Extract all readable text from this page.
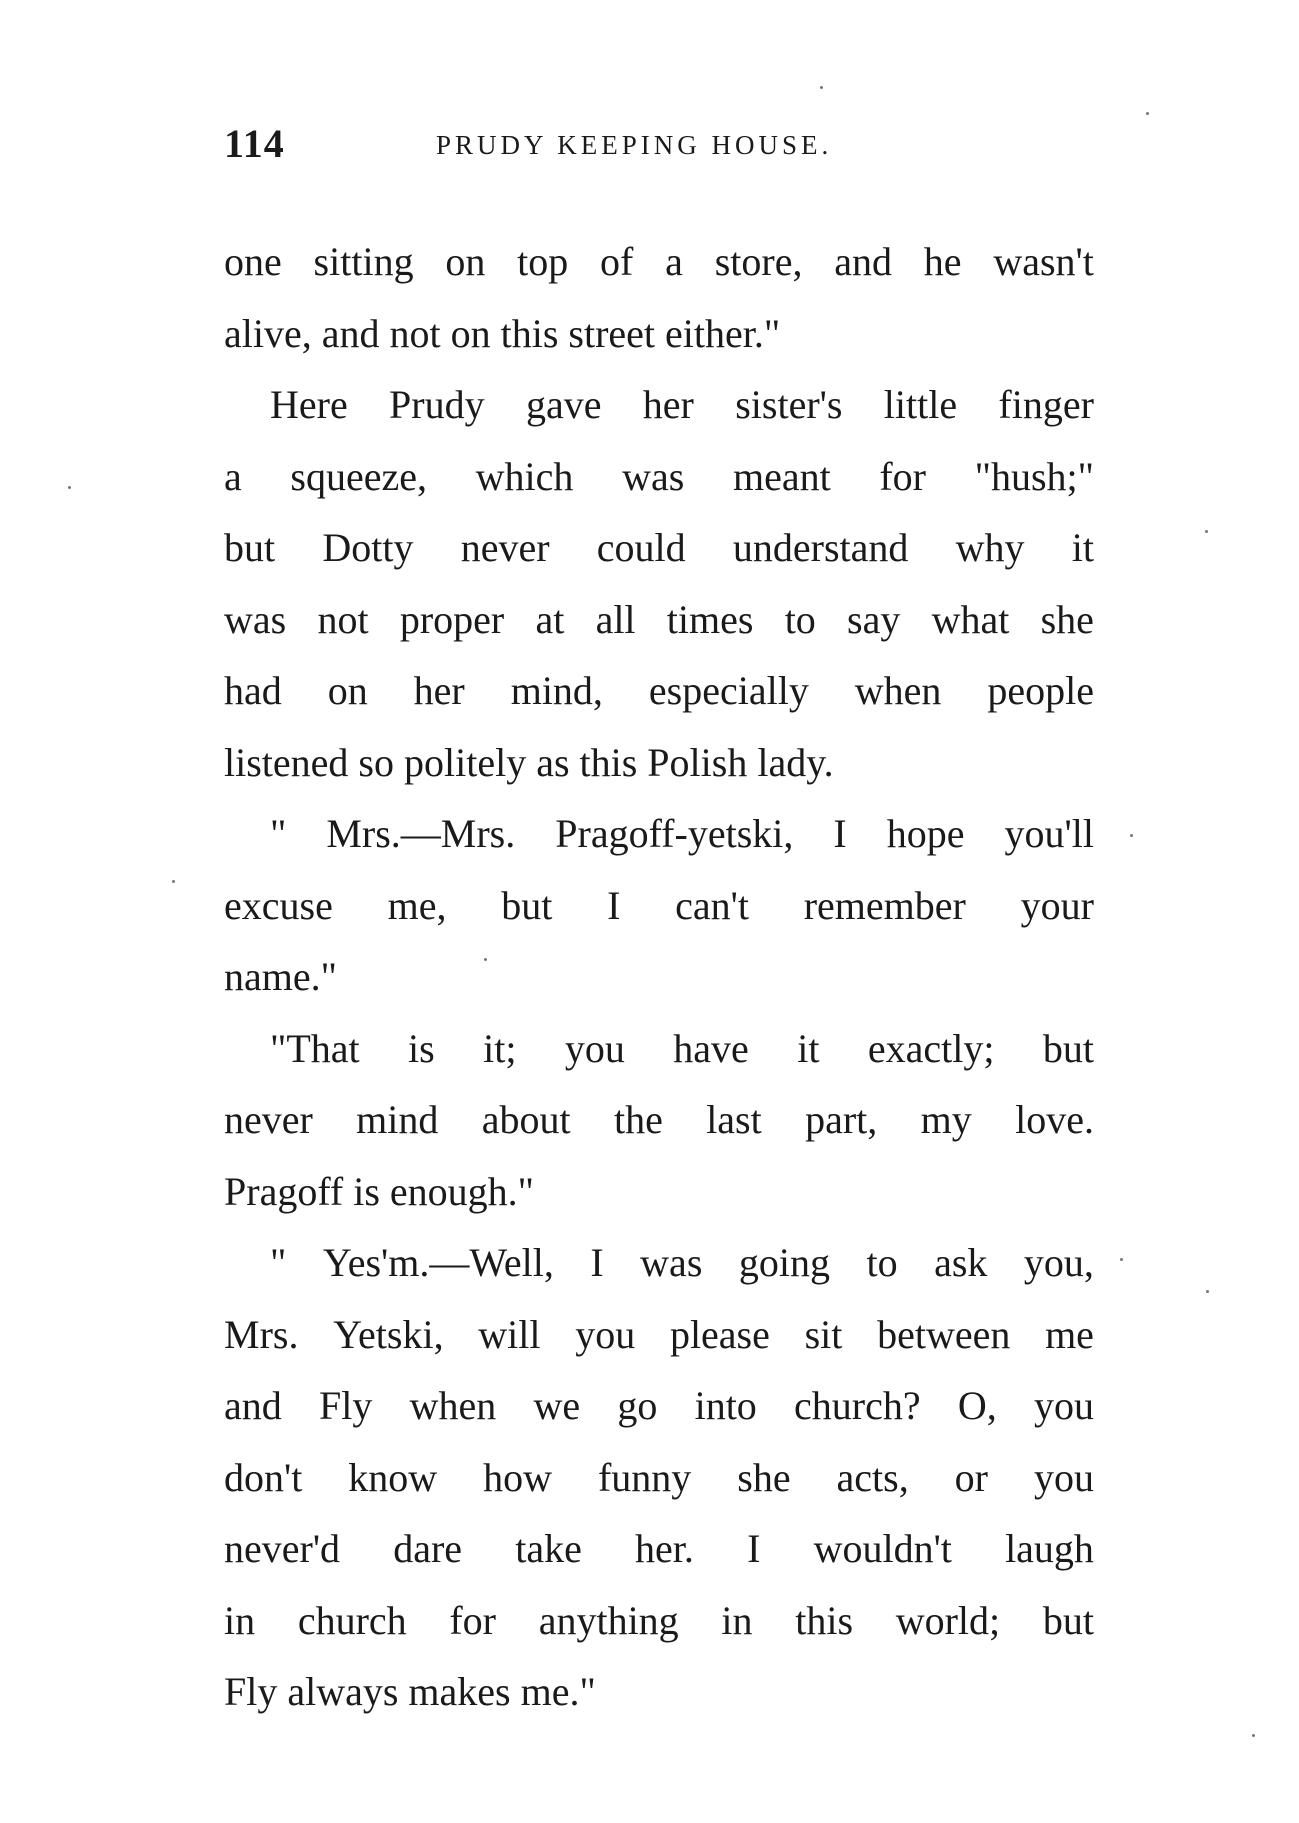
114	PRUDY KEEPING HOUSE.
one sitting on top of a store, and he wasn't
alive, and not on this street either."
Here Prudy gave her sister's little finger
a squeeze, which was meant for "hush;"
but Dotty never could understand why it
was not proper at all times to say what she
had on her mind, especially when people
listened so politely as this Polish lady.
" Mrs.—Mrs. Pragoff-yetski, I hope you'll
excuse me, but I can't remember your
name."
"That is it; you have it exactly; but
never mind about the last part, my love.
Pragoff is enough."
" Yes'm.—Well, I was going to ask you,
Mrs. Yetski, will you please sit between me
and Fly when we go into church? O, you
don't know how funny she acts, or you
never'd dare take her. I wouldn't laugh
in church for anything in this world; but
Fly always makes me."
